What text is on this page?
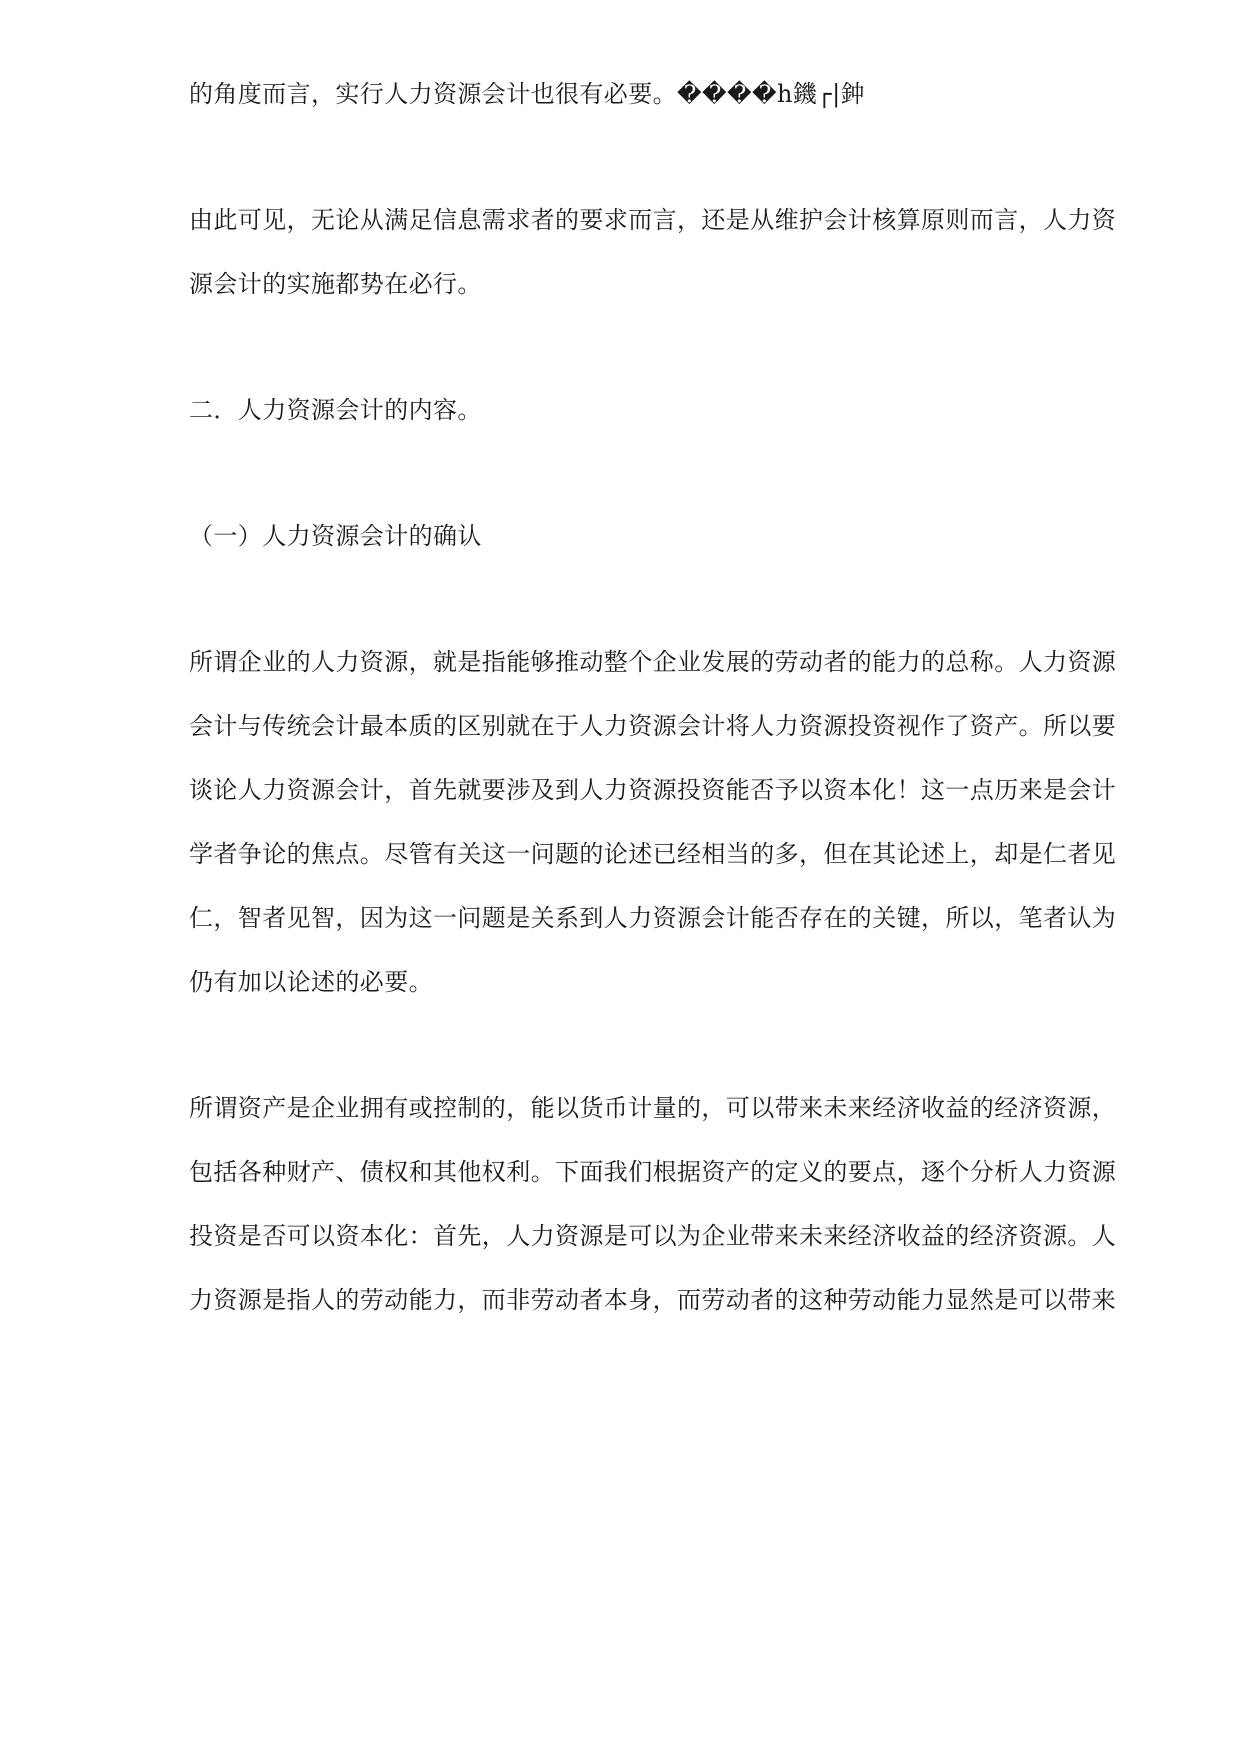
的角度而言，实行人力资源会计也很有必要。����h鐖┌|鈡
由此可见，无论从满足信息需求者的要求而言，还是从维护会计核算原则而言，人力资
源会计的实施都势在必行。
二．人力资源会计的内容。
（一）人力资源会计的确认
所谓企业的人力资源，就是指能够推动整个企业发展的劳动者的能力的总称。人力资源
会计与传统会计最本质的区别就在于人力资源会计将人力资源投资视作了资产。所以要
谈论人力资源会计，首先就要涉及到人力资源投资能否予以资本化！这一点历来是会计
学者争论的焦点。尽管有关这一问题的论述已经相当的多，但在其论述上，却是仁者见
仁，智者见智，因为这一问题是关系到人力资源会计能否存在的关键，所以，笔者认为
仍有加以论述的必要。
所谓资产是企业拥有或控制的，能以货币计量的，可以带来未来经济收益的经济资源，
包括各种财产、债权和其他权利。下面我们根据资产的定义的要点，逐个分析人力资源
投资是否可以资本化：首先，人力资源是可以为企业带来未来经济收益的经济资源。人
力资源是指人的劳动能力，而非劳动者本身，而劳动者的这种劳动能力显然是可以带来
